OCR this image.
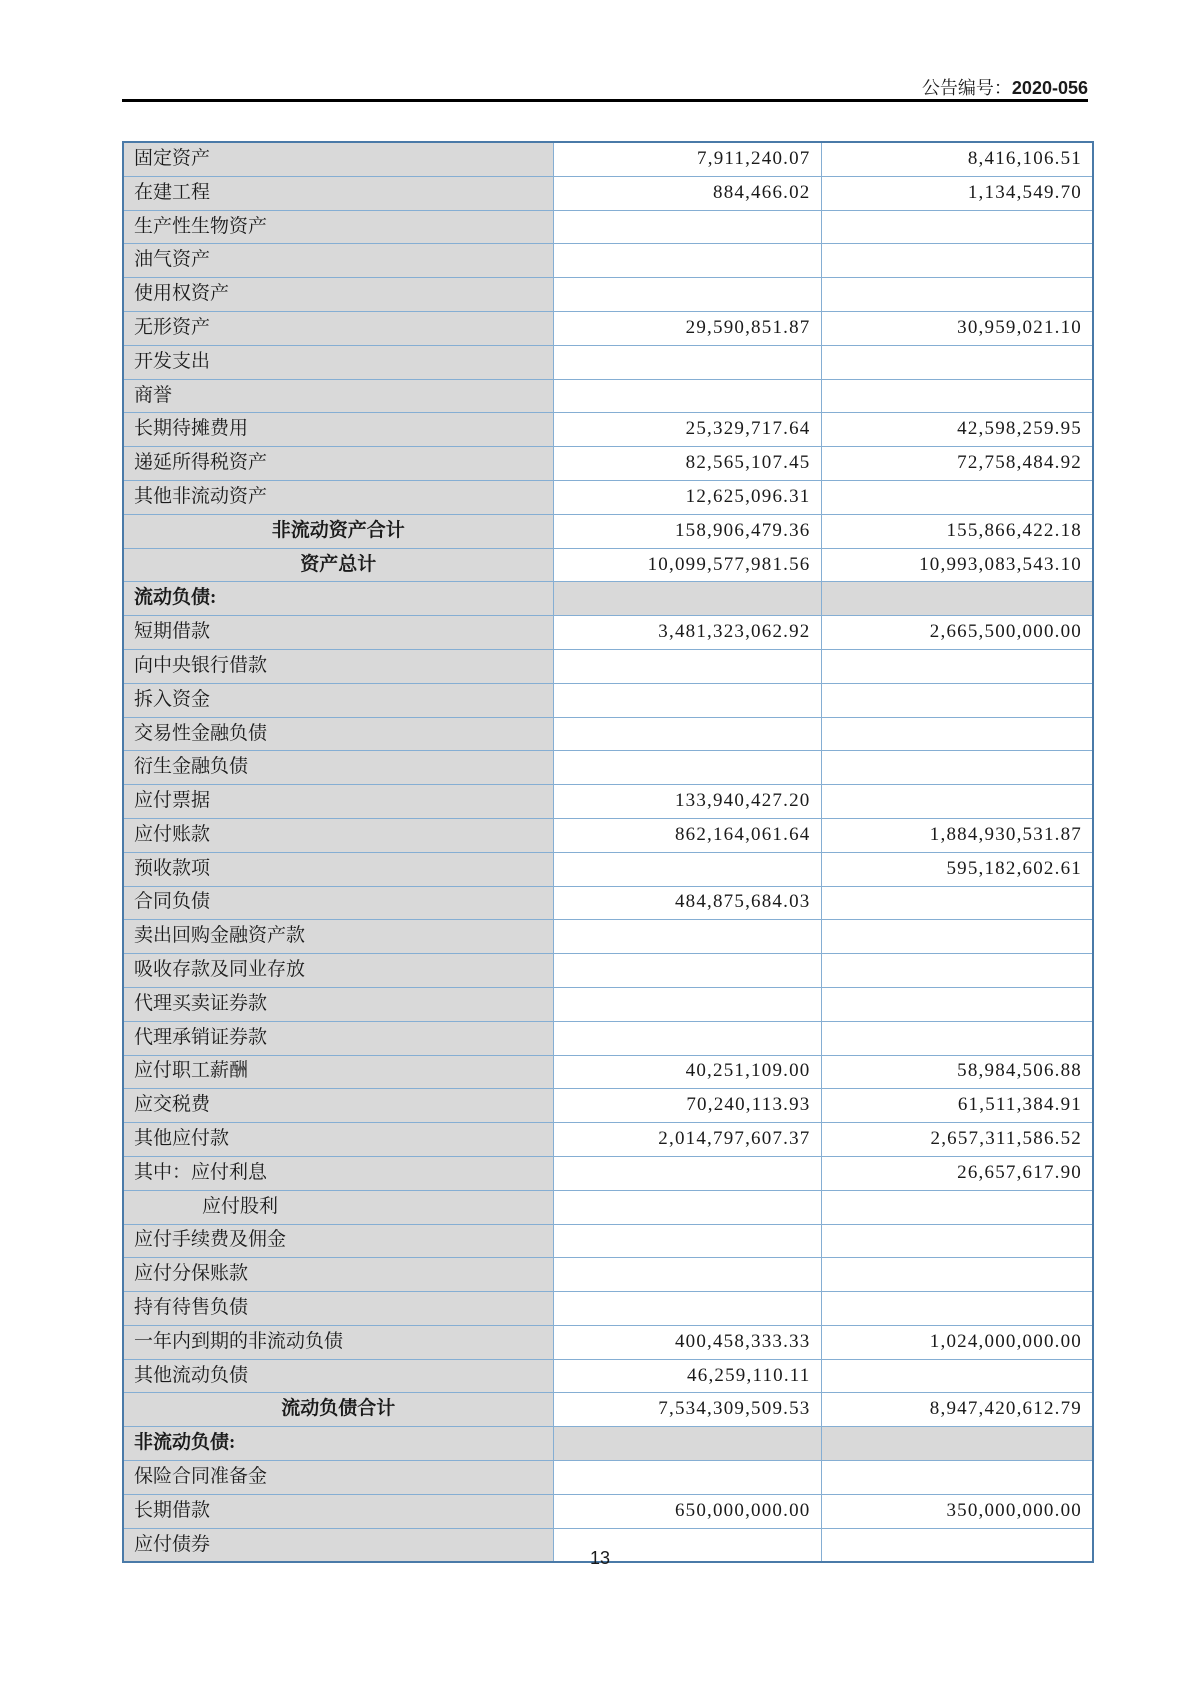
公告编号：2020-056
固定资产	7,911,240.07	8,416,106.51
在建工程	884,466.02	1,134,549.70
生产性生物资产		
油气资产		
使用权资产		
无形资产	29,590,851.87	30,959,021.10
开发支出		
商誉		
长期待摊费用	25,329,717.64	42,598,259.95
递延所得税资产	82,565,107.45	72,758,484.92
其他非流动资产	12,625,096.31	
非流动资产合计	158,906,479.36	155,866,422.18
资产总计	10,099,577,981.56	10,993,083,543.10
流动负债:		
短期借款	3,481,323,062.92	2,665,500,000.00
向中央银行借款		
拆入资金		
交易性金融负债		
衍生金融负债		
应付票据	133,940,427.20	
应付账款	862,164,061.64	1,884,930,531.87
预收款项		595,182,602.61
合同负债	484,875,684.03	
卖出回购金融资产款		
吸收存款及同业存放		
代理买卖证券款		
代理承销证券款		
应付职工薪酬	40,251,109.00	58,984,506.88
应交税费	70,240,113.93	61,511,384.91
其他应付款	2,014,797,607.37	2,657,311,586.52
其中：应付利息		26,657,617.90
应付股利		
应付手续费及佣金		
应付分保账款		
持有待售负债		
一年内到期的非流动负债	400,458,333.33	1,024,000,000.00
其他流动负债	46,259,110.11	
流动负债合计	7,534,309,509.53	8,947,420,612.79
非流动负债:		
保险合同准备金		
长期借款	650,000,000.00	350,000,000.00
应付债券		
13
